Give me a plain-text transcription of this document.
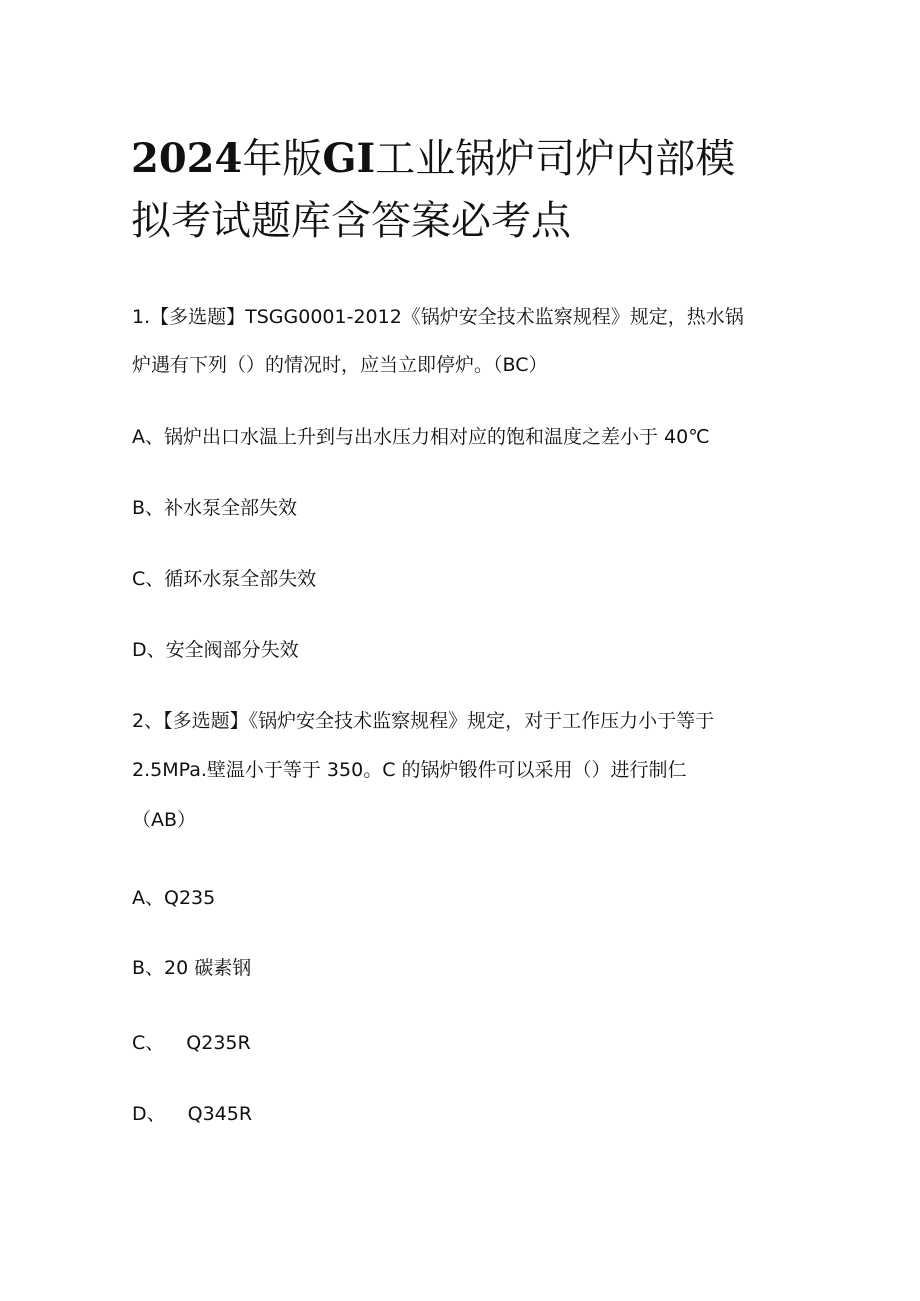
2024年版GI工业锅炉司炉内部模
拟考试题库含答案必考点

1.【多选题】TSGG0001-2012《锅炉安全技术监察规程》规定，热水锅

炉遇有下列（）的情况时，应当立即停炉。（BC）

A、锅炉出口水温上升到与出水压力相对应的饱和温度之差小于 40℃

B、补水泵全部失效

C、循环水泵全部失效

D、安全阀部分失效

2、【多选题】《锅炉安全技术监察规程》规定，对于工作压力小于等于

2.5MPa.壁温小于等于 350。C 的锅炉锻件可以采用（）进行制仁

（AB）

A、Q235

B、20 碳素钢

C、 Q235R

D、 Q345R
